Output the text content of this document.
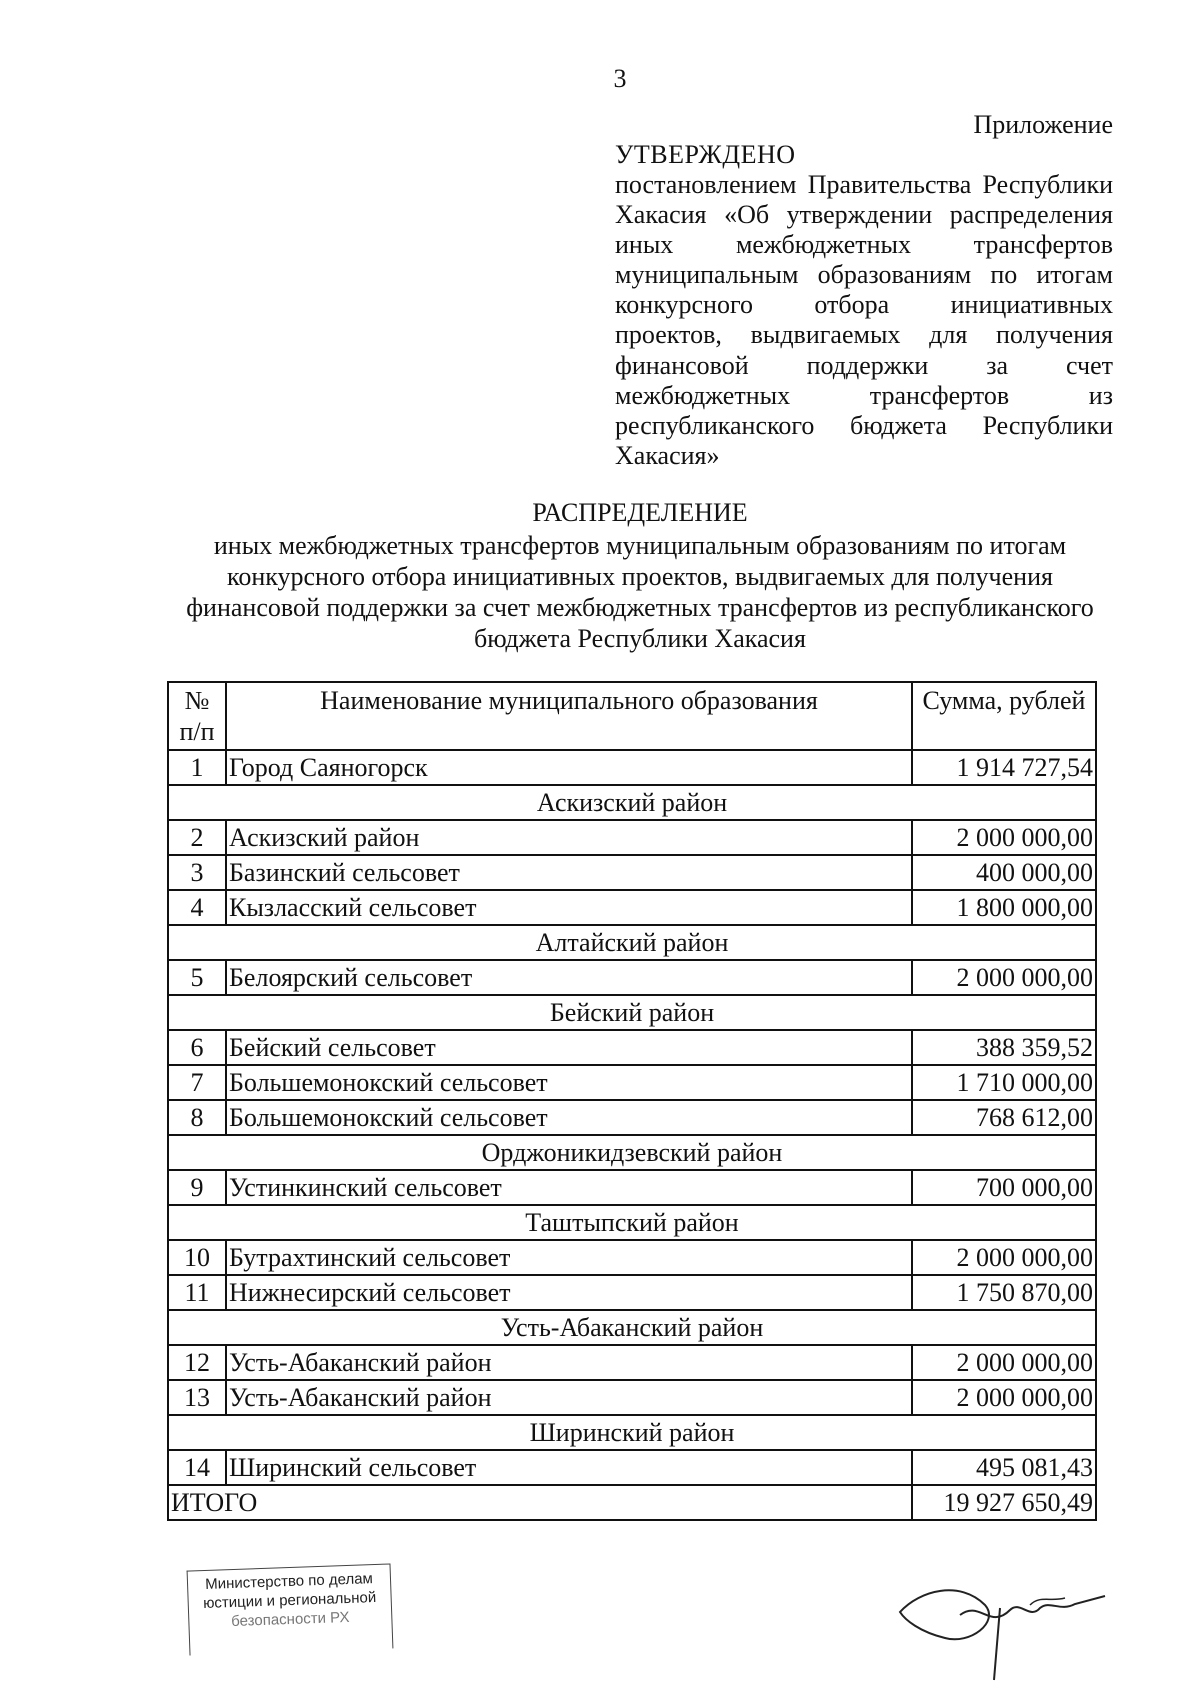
3
Приложение
УТВЕРЖДЕНО
постановлением Правительства Республики Хакасия «Об утверждении распределения иных межбюджетных трансфертов муниципальным образованиям по итогам конкурсного отбора инициативных проектов, выдвигаемых для получения финансовой поддержки за счет межбюджетных трансфертов из республиканского бюджета Республики Хакасия»
РАСПРЕДЕЛЕНИЕ
иных межбюджетных трансфертов муниципальным образованиям по итогам конкурсного отбора инициативных проектов, выдвигаемых для получения финансовой поддержки за счет межбюджетных трансфертов из республиканского бюджета Республики Хакасия
№ п/п	Наименование муниципального образования	Сумма, рублей
1	Город Саяногорск	1 914 727,54
Аскизский район		
2	Аскизский район	2 000 000,00
3	Базинский сельсовет	400 000,00
4	Кызласский сельсовет	1 800 000,00
Алтайский район		
5	Белоярский сельсовет	2 000 000,00
Бейский район		
6	Бейский сельсовет	388 359,52
7	Большемонокский сельсовет	1 710 000,00
8	Большемонокский сельсовет	768 612,00
Орджоникидзевский район		
9	Устинкинский сельсовет	700 000,00
Таштыпский район		
10	Бутрахтинский сельсовет	2 000 000,00
11	Нижнесирский сельсовет	1 750 870,00
Усть-Абаканский район		
12	Усть-Абаканский район	2 000 000,00
13	Усть-Абаканский район	2 000 000,00
Ширинский район		
14	Ширинский сельсовет	495 081,43
ИТОГО		19 927 650,49
Министерство по делам
юстиции и региональной
безопасности РХ
